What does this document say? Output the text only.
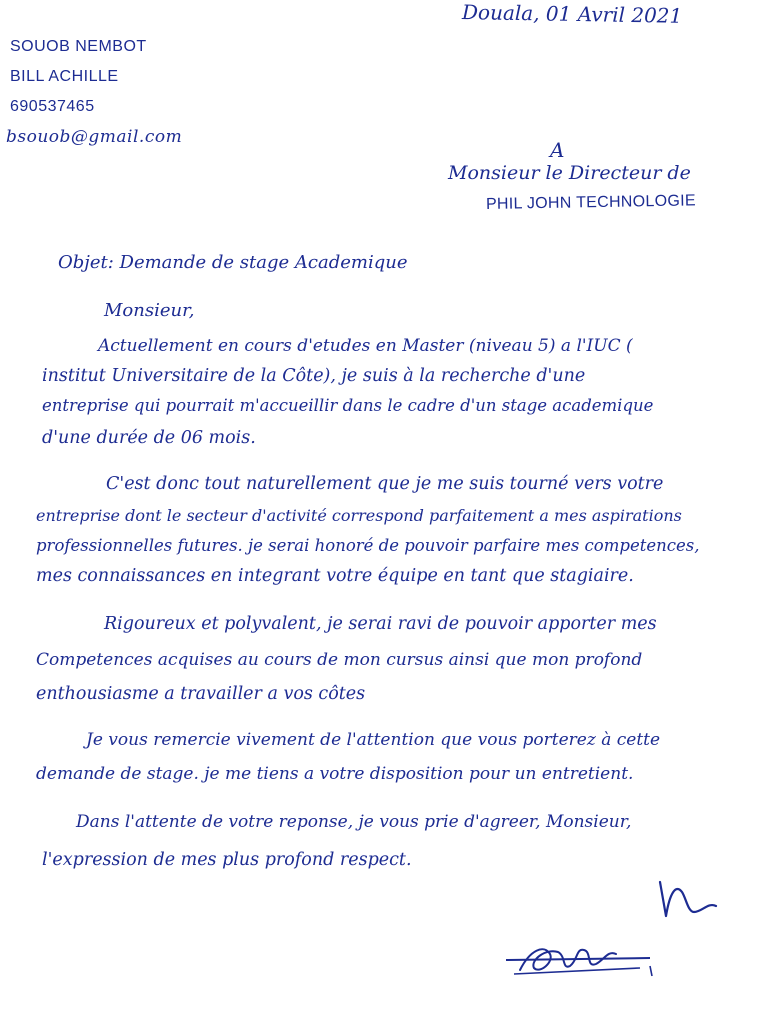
Douala, 01 Avril 2021
SOUOB NEMBOT
BILL ACHILLE
690537465
bsouob@gmail.com
A
Monsieur le Directeur de
PHIL JOHN TECHNOLOGIE
Objet: Demande de stage Academique
Monsieur,
Actuellement en cours d'etudes en Master (niveau 5) a l'IUC (
institut Universitaire de la Côte), je suis à la recherche d'une
entreprise qui pourrait m'accueillir dans le cadre d'un stage academique
d'une durée de 06 mois.
C'est donc tout naturellement que je me suis tourné vers votre
entreprise dont le secteur d'activité correspond parfaitement a mes aspirations
professionnelles futures. je serai honoré de pouvoir parfaire mes competences,
mes connaissances en integrant votre équipe en tant que stagiaire.
Rigoureux et polyvalent, je serai ravi de pouvoir apporter mes
Competences acquises au cours de mon cursus ainsi que mon profond
enthousiasme a travailler a vos côtes
Je vous remercie vivement de l'attention que vous porterez à cette
demande de stage. je me tiens a votre disposition pour un entretient.
Dans l'attente de votre reponse, je vous prie d'agreer, Monsieur,
l'expression de mes plus profond respect.
